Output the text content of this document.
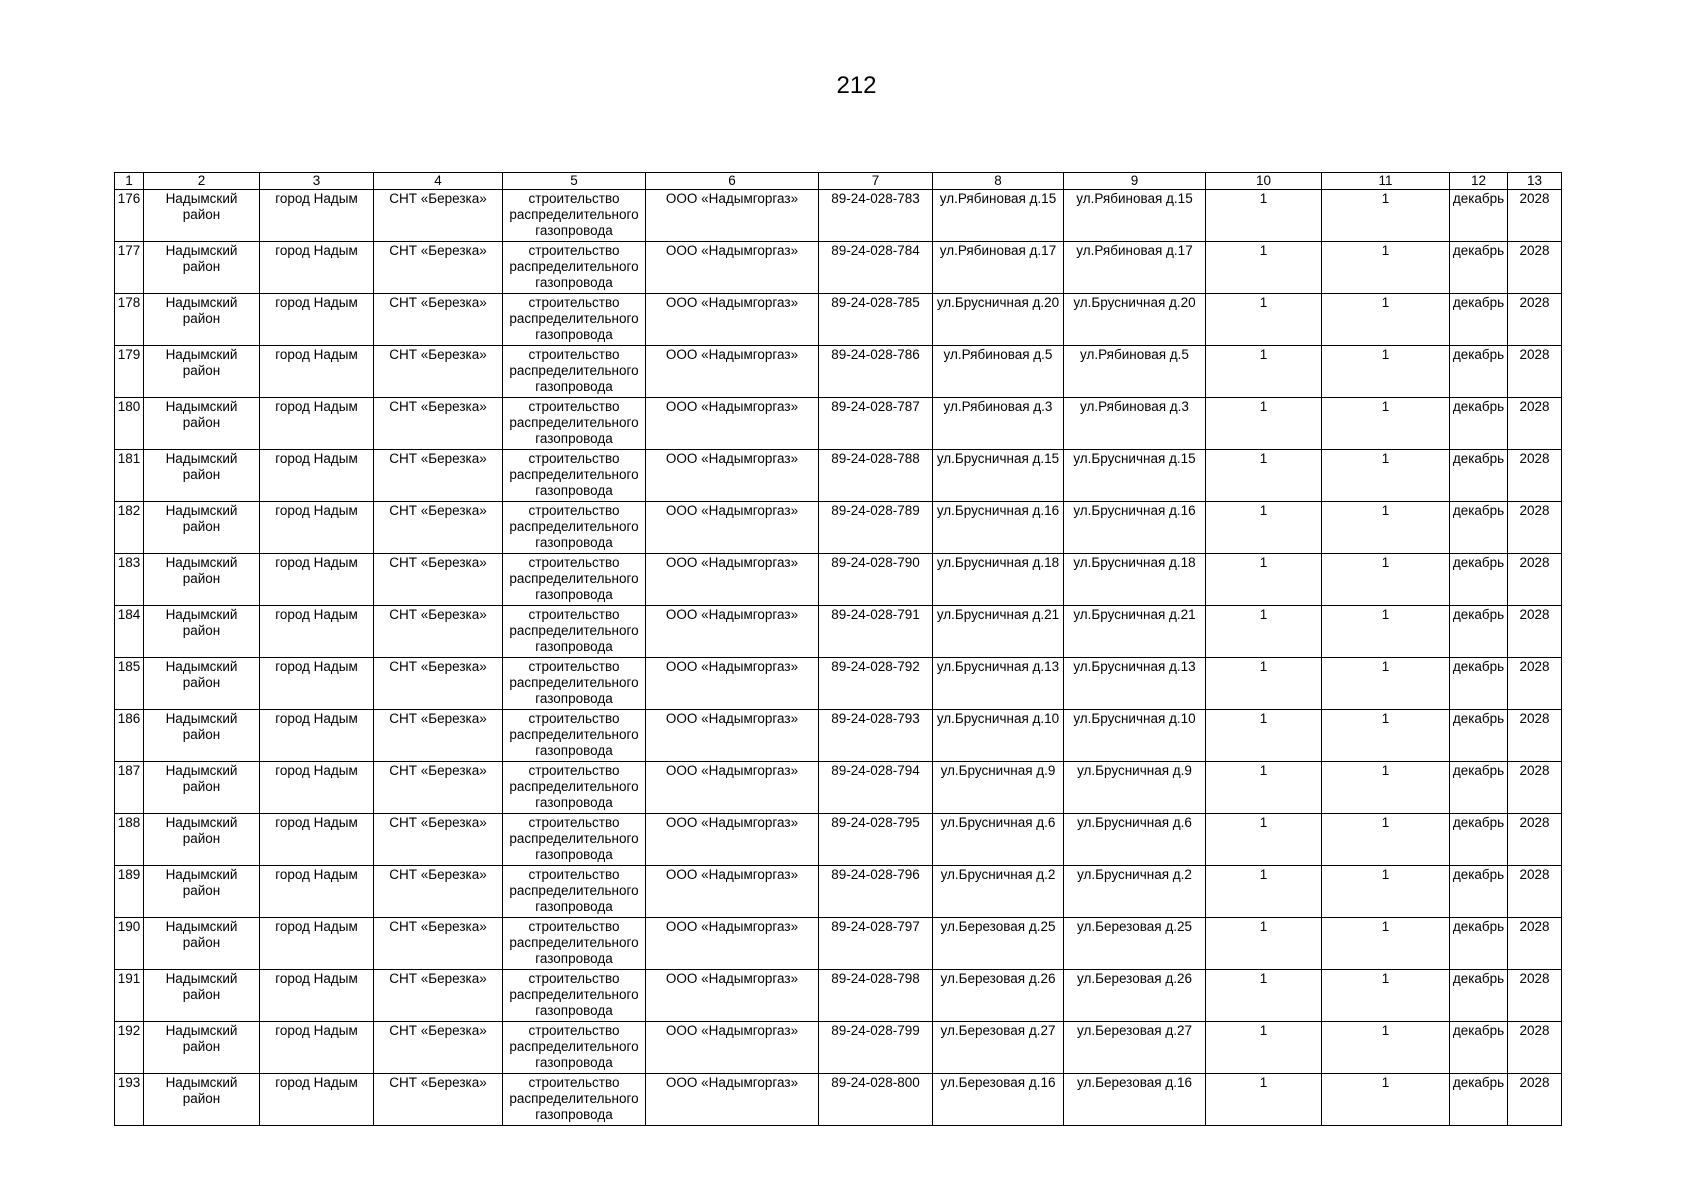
212
1	2	3	4	5	6	7	8	9	10	11	12	13
176	Надымский район	город Надым	СНТ «Березка»	строительство распределительного газопровода	ООО «Надымгоргаз»	89-24-028-783	ул.Рябиновая д.15	ул.Рябиновая д.15	1	1	декабрь	2028
177	Надымский район	город Надым	СНТ «Березка»	строительство распределительного газопровода	ООО «Надымгоргаз»	89-24-028-784	ул.Рябиновая д.17	ул.Рябиновая д.17	1	1	декабрь	2028
178	Надымский район	город Надым	СНТ «Березка»	строительство распределительного газопровода	ООО «Надымгоргаз»	89-24-028-785	ул.Брусничная д.20	ул.Брусничная д.20	1	1	декабрь	2028
179	Надымский район	город Надым	СНТ «Березка»	строительство распределительного газопровода	ООО «Надымгоргаз»	89-24-028-786	ул.Рябиновая д.5	ул.Рябиновая д.5	1	1	декабрь	2028
180	Надымский район	город Надым	СНТ «Березка»	строительство распределительного газопровода	ООО «Надымгоргаз»	89-24-028-787	ул.Рябиновая д.3	ул.Рябиновая д.3	1	1	декабрь	2028
181	Надымский район	город Надым	СНТ «Березка»	строительство распределительного газопровода	ООО «Надымгоргаз»	89-24-028-788	ул.Брусничная д.15	ул.Брусничная д.15	1	1	декабрь	2028
182	Надымский район	город Надым	СНТ «Березка»	строительство распределительного газопровода	ООО «Надымгоргаз»	89-24-028-789	ул.Брусничная д.16	ул.Брусничная д.16	1	1	декабрь	2028
183	Надымский район	город Надым	СНТ «Березка»	строительство распределительного газопровода	ООО «Надымгоргаз»	89-24-028-790	ул.Брусничная д.18	ул.Брусничная д.18	1	1	декабрь	2028
184	Надымский район	город Надым	СНТ «Березка»	строительство распределительного газопровода	ООО «Надымгоргаз»	89-24-028-791	ул.Брусничная д.21	ул.Брусничная д.21	1	1	декабрь	2028
185	Надымский район	город Надым	СНТ «Березка»	строительство распределительного газопровода	ООО «Надымгоргаз»	89-24-028-792	ул.Брусничная д.13	ул.Брусничная д.13	1	1	декабрь	2028
186	Надымский район	город Надым	СНТ «Березка»	строительство распределительного газопровода	ООО «Надымгоргаз»	89-24-028-793	ул.Брусничная д.10	ул.Брусничная д.10	1	1	декабрь	2028
187	Надымский район	город Надым	СНТ «Березка»	строительство распределительного газопровода	ООО «Надымгоргаз»	89-24-028-794	ул.Брусничная д.9	ул.Брусничная д.9	1	1	декабрь	2028
188	Надымский район	город Надым	СНТ «Березка»	строительство распределительного газопровода	ООО «Надымгоргаз»	89-24-028-795	ул.Брусничная д.6	ул.Брусничная д.6	1	1	декабрь	2028
189	Надымский район	город Надым	СНТ «Березка»	строительство распределительного газопровода	ООО «Надымгоргаз»	89-24-028-796	ул.Брусничная д.2	ул.Брусничная д.2	1	1	декабрь	2028
190	Надымский район	город Надым	СНТ «Березка»	строительство распределительного газопровода	ООО «Надымгоргаз»	89-24-028-797	ул.Березовая д.25	ул.Березовая д.25	1	1	декабрь	2028
191	Надымский район	город Надым	СНТ «Березка»	строительство распределительного газопровода	ООО «Надымгоргаз»	89-24-028-798	ул.Березовая д.26	ул.Березовая д.26	1	1	декабрь	2028
192	Надымский район	город Надым	СНТ «Березка»	строительство распределительного газопровода	ООО «Надымгоргаз»	89-24-028-799	ул.Березовая д.27	ул.Березовая д.27	1	1	декабрь	2028
193	Надымский район	город Надым	СНТ «Березка»	строительство распределительного газопровода	ООО «Надымгоргаз»	89-24-028-800	ул.Березовая д.16	ул.Березовая д.16	1	1	декабрь	2028
